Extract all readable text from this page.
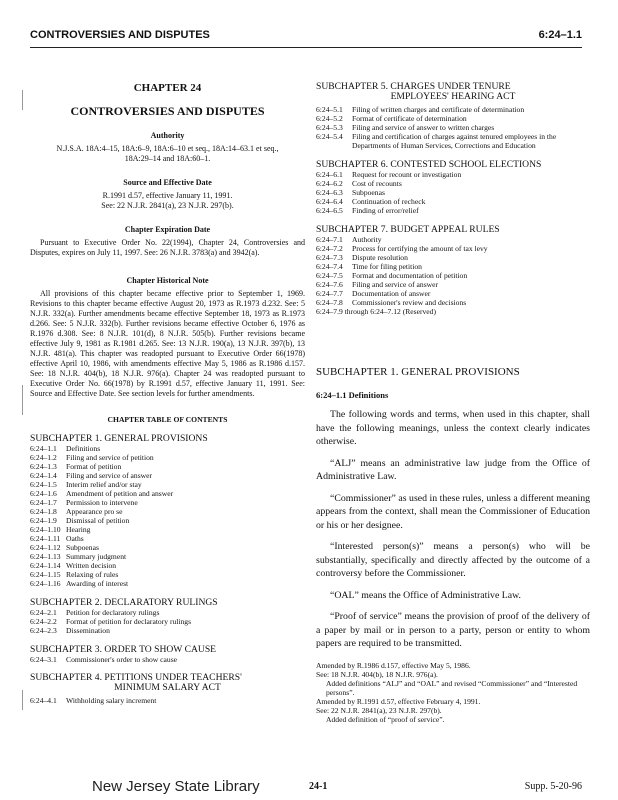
CONTROVERSIES AND DISPUTES	6:24–1.1
CHAPTER 24
CONTROVERSIES AND DISPUTES
Authority
N.J.S.A. 18A:4–15, 18A:6–9, 18A:6–10 et seq., 18A:14–63.1 et seq., 18A:29–14 and 18A:60–1.
Source and Effective Date
R.1991 d.57, effective January 11, 1991.
See: 22 N.J.R. 2841(a), 23 N.J.R. 297(b).
Chapter Expiration Date
Pursuant to Executive Order No. 22(1994), Chapter 24, Controversies and Disputes, expires on July 11, 1997. See: 26 N.J.R. 3783(a) and 3942(a).
Chapter Historical Note
All provisions of this chapter became effective prior to September 1, 1969. Revisions to this chapter became effective August 20, 1973 as R.1973 d.232. See: 5 N.J.R. 332(a). Further amendments became effective September 18, 1973 as R.1973 d.266. See: 5 N.J.R. 332(b). Further revisions became effective October 6, 1976 as R.1976 d.308. See: 8 N.J.R. 101(d), 8 N.J.R. 505(b). Further revisions became effective July 9, 1981 as R.1981 d.265. See: 13 N.J.R. 190(a), 13 N.J.R. 397(b), 13 N.J.R. 481(a). This chapter was readopted pursuant to Executive Order 66(1978) effective April 10, 1986, with amendments effective May 5, 1986 as R.1986 d.157. See: 18 N.J.R. 404(b), 18 N.J.R. 976(a). Chapter 24 was readopted pursuant to Executive Order No. 66(1978) by R.1991 d.57, effective January 11, 1991. See: Source and Effective Date. See section levels for further amendments.
CHAPTER TABLE OF CONTENTS
SUBCHAPTER 1. GENERAL PROVISIONS
6:24–1.1	Definitions
6:24–1.2	Filing and service of petition
6:24–1.3	Format of petition
6:24–1.4	Filing and service of answer
6:24–1.5	Interim relief and/or stay
6:24–1.6	Amendment of petition and answer
6:24–1.7	Permission to intervene
6:24–1.8	Appearance pro se
6:24–1.9	Dismissal of petition
6:24–1.10 Hearing
6:24–1.11 Oaths
6:24–1.12 Subpoenas
6:24–1.13 Summary judgment
6:24–1.14 Written decision
6:24–1.15 Relaxing of rules
6:24–1.16 Awarding of interest
SUBCHAPTER 2. DECLARATORY RULINGS
6:24–2.1	Petition for declaratory rulings
6:24–2.2	Format of petition for declaratory rulings
6:24–2.3	Dissemination
SUBCHAPTER 3. ORDER TO SHOW CAUSE
6:24–3.1	Commissioner's order to show cause
SUBCHAPTER 4. PETITIONS UNDER TEACHERS'
MINIMUM SALARY ACT
6:24–4.1	Withholding salary increment
SUBCHAPTER 5. CHARGES UNDER TENURE
EMPLOYEES' HEARING ACT
6:24–5.1	Filing of written charges and certificate of determination
6:24–5.2	Format of certificate of determination
6:24–5.3	Filing and service of answer to written charges
6:24–5.4	Filing and certification of charges against tenured employees in the Departments of Human Services, Corrections and Education
SUBCHAPTER 6. CONTESTED SCHOOL ELECTIONS
6:24–6.1	Request for recount or investigation
6:24–6.2	Cost of recounts
6:24–6.3	Subpoenas
6:24–6.4	Continuation of recheck
6:24–6.5	Finding of error/relief
SUBCHAPTER 7. BUDGET APPEAL RULES
6:24–7.1	Authority
6:24–7.2	Process for certifying the amount of tax levy
6:24–7.3	Dispute resolution
6:24–7.4	Time for filing petition
6:24–7.5	Format and documentation of petition
6:24–7.6	Filing and service of answer
6:24–7.7	Documentation of answer
6:24–7.8	Commissioner's review and decisions
6:24–7.9 through 6:24–7.12 (Reserved)
SUBCHAPTER 1. GENERAL PROVISIONS
6:24–1.1 Definitions
The following words and terms, when used in this chapter, shall have the following meanings, unless the context clearly indicates otherwise.
“ALJ” means an administrative law judge from the Office of Administrative Law.
“Commissioner” as used in these rules, unless a different meaning appears from the context, shall mean the Commissioner of Education or his or her designee.
“Interested person(s)” means a person(s) who will be substantially, specifically and directly affected by the outcome of a controversy before the Commissioner.
“OAL” means the Office of Administrative Law.
“Proof of service” means the provision of proof of the delivery of a paper by mail or in person to a party, person or entity to whom papers are required to be transmitted.
Amended by R.1986 d.157, effective May 5, 1986.
See: 18 N.J.R. 404(b), 18 N.J.R. 976(a).
Added definitions “ALJ” and “OAL” and revised “Commissioner” and “Interested persons”.
Amended by R.1991 d.57, effective February 4, 1991.
See: 22 N.J.R. 2841(a), 23 N.J.R. 297(b).
Added definition of “proof of service”.
New Jersey State Library	24-1	Supp. 5-20-96
